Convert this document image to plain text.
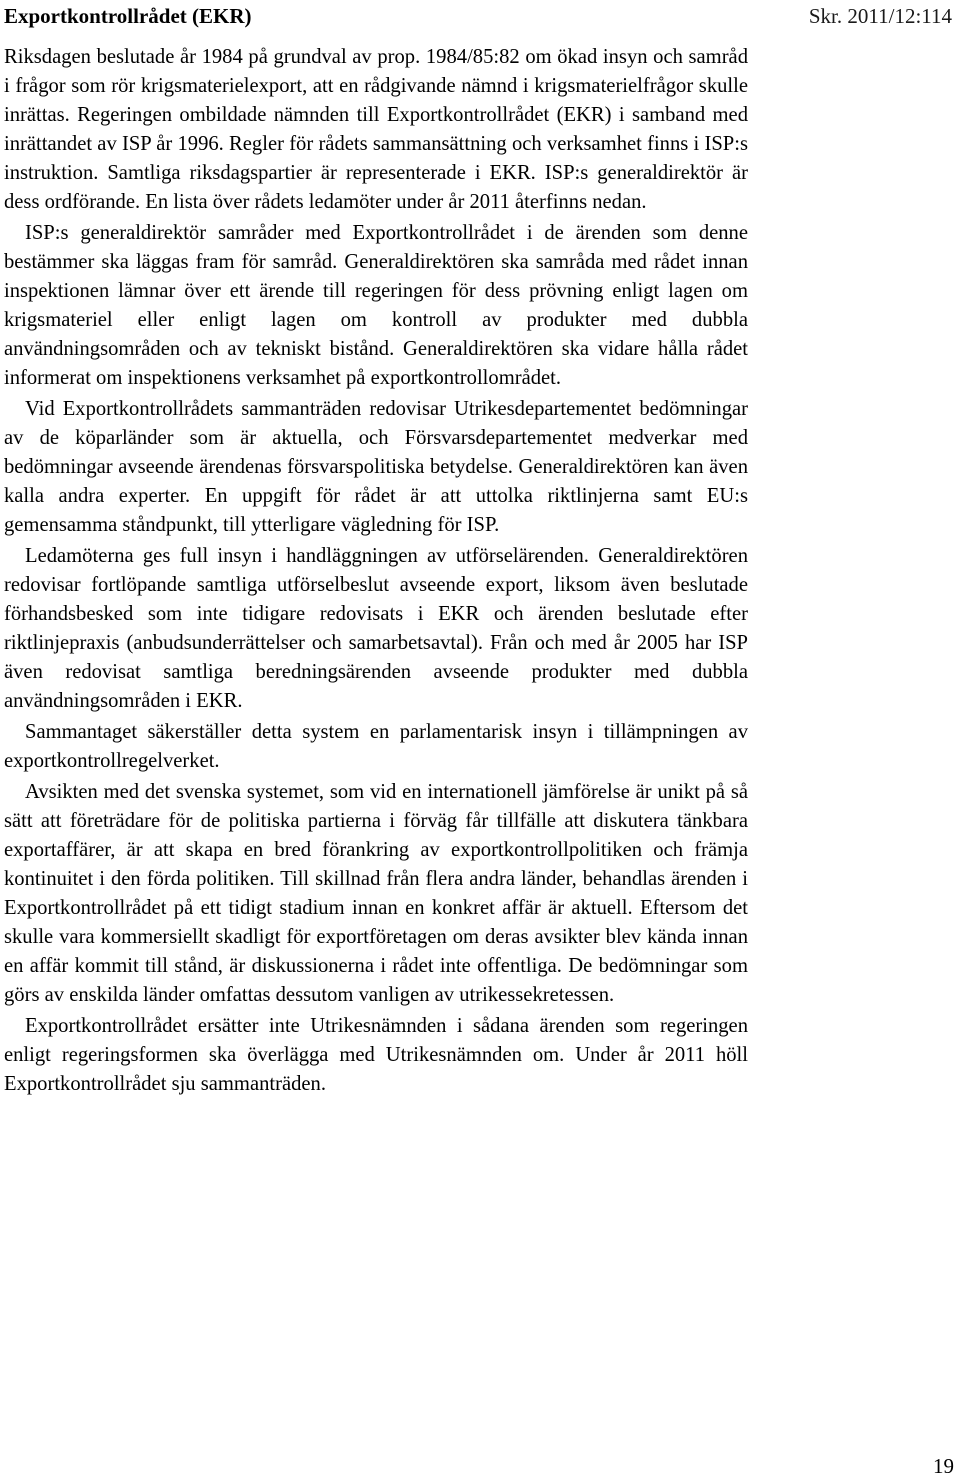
Exportkontrollrådet (EKR)	Skr. 2011/12:114

Riksdagen beslutade år 1984 på grundval av prop. 1984/85:82 om ökad insyn och samråd i frågor som rör krigsmaterielexport, att en rådgivande nämnd i krigsmaterielfrågor skulle inrättas. Regeringen ombildade nämnden till Exportkontrollrådet (EKR) i samband med inrättandet av ISP år 1996. Regler för rådets sammansättning och verksamhet finns i ISP:s instruktion. Samtliga riksdagspartier är representerade i EKR. ISP:s generaldirektör är dess ordförande. En lista över rådets ledamöter under år 2011 återfinns nedan.

ISP:s generaldirektör samråder med Exportkontrollrådet i de ärenden som denne bestämmer ska läggas fram för samråd. Generaldirektören ska samråda med rådet innan inspektionen lämnar över ett ärende till regeringen för dess prövning enligt lagen om krigsmateriel eller enligt lagen om kontroll av produkter med dubbla användningsområden och av tekniskt bistånd. Generaldirektören ska vidare hålla rådet informerat om inspektionens verksamhet på exportkontrollområdet.

Vid Exportkontrollrådets sammanträden redovisar Utrikesdepartementet bedömningar av de köparländer som är aktuella, och Försvarsdepartementet medverkar med bedömningar avseende ärendenas försvarspolitiska betydelse. Generaldirektören kan även kalla andra experter. En uppgift för rådet är att uttolka riktlinjerna samt EU:s gemensamma ståndpunkt, till ytterligare vägledning för ISP.

Ledamöterna ges full insyn i handläggningen av utförselärenden. Generaldirektören redovisar fortlöpande samtliga utförselbeslut avseende export, liksom även beslutade förhandsbesked som inte tidigare redovisats i EKR och ärenden beslutade efter riktlinjepraxis (anbudsunderrättelser och samarbetsavtal). Från och med år 2005 har ISP även redovisat samtliga beredningsärenden avseende produkter med dubbla användningsområden i EKR.

Sammantaget säkerställer detta system en parlamentarisk insyn i tillämpningen av exportkontrollregelverket.

Avsikten med det svenska systemet, som vid en internationell jämförelse är unikt på så sätt att företrädare för de politiska partierna i förväg får tillfälle att diskutera tänkbara exportaffärer, är att skapa en bred förankring av exportkontrollpolitiken och främja kontinuitet i den förda politiken. Till skillnad från flera andra länder, behandlas ärenden i Exportkontrollrådet på ett tidigt stadium innan en konkret affär är aktuell. Eftersom det skulle vara kommersiellt skadligt för exportföretagen om deras avsikter blev kända innan en affär kommit till stånd, är diskussionerna i rådet inte offentliga. De bedömningar som görs av enskilda länder omfattas dessutom vanligen av utrikessekretessen.

Exportkontrollrådet ersätter inte Utrikesnämnden i sådana ärenden som regeringen enligt regeringsformen ska överlägga med Utrikesnämnden om. Under år 2011 höll Exportkontrollrådet sju sammanträden.

19
